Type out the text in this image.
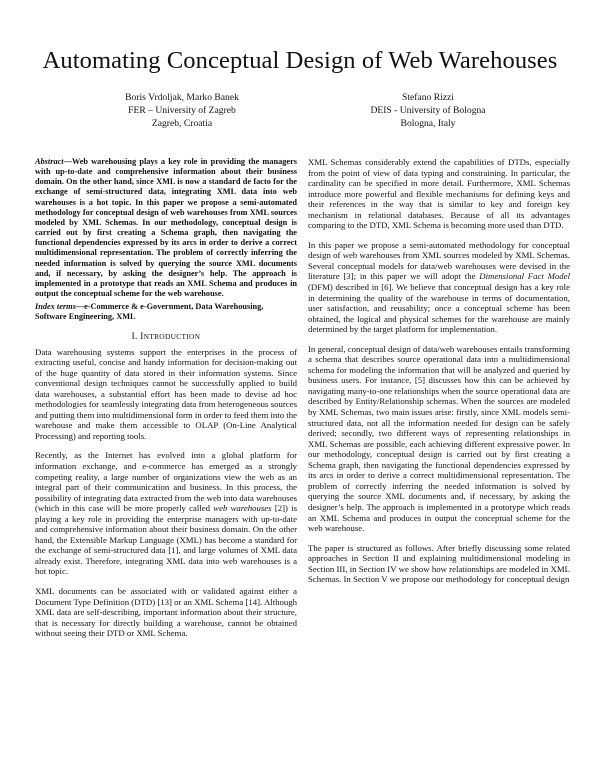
Automating Conceptual Design of Web Warehouses
Boris Vrdoljak, Marko Banek
FER – University of Zagreb
Zagreb, Croatia
Stefano Rizzi
DEIS - University of Bologna
Bologna, Italy

Abstract—Web warehousing plays a key role in providing the managers with up-to-date and comprehensive information about their business domain. On the other hand, since XML is now a standard de facto for the exchange of semi-structured data, integrating XML data into web warehouses is a hot topic. In this paper we propose a semi-automated methodology for conceptual design of web warehouses from XML sources modeled by XML Schemas. In our methodology, conceptual design is carried out by first creating a Schema graph, then navigating the functional dependencies expressed by its arcs in order to derive a correct multidimensional representation. The problem of correctly inferring the needed information is solved by querying the source XML documents and, if necessary, by asking the designer’s help. The approach is implemented in a prototype that reads an XML Schema and produces in output the conceptual scheme for the web warehouse.

Index terms—e-Commerce & e-Government, Data Warehousing, Software Engineering, XML

I. INTRODUCTION

Data warehousing systems support the enterprises in the process of extracting useful, concise and handy information for decision-making out of the huge quantity of data stored in their information systems. Since conventional design techniques cannot be successfully applied to build data warehouses, a substantial effort has been made to devise ad hoc methodologies for seamlessly integrating data from heterogeneous sources and putting them into multidimensional form in order to feed them into the warehouse and make them accessible to OLAP (On-Line Analytical Processing) and reporting tools.

Recently, as the Internet has evolved into a global platform for information exchange, and e-commerce has emerged as a strongly competing reality, a large number of organizations view the web as an integral part of their communication and business. In this process, the possibility of integrating data extracted from the web into data warehouses (which in this case will be more properly called web warehouses [2]) is playing a key role in providing the enterprise managers with up-to-date and comprehensive information about their business domain. On the other hand, the Extensible Markup Language (XML) has become a standard for the exchange of semi-structured data [1], and large volumes of XML data already exist. Therefore, integrating XML data into web warehouses is a hot topic.

XML documents can be associated with or validated against either a Document Type Definition (DTD) [13] or an XML Schema [14]. Although XML data are self-describing, important information about their structure, that is necessary for directly building a warehouse, cannot be obtained without seeing their DTD or XML Schema.

XML Schemas considerably extend the capabilities of DTDs, especially from the point of view of data typing and constraining. In particular, the cardinality can be specified in more detail. Furthermore, XML Schemas introduce more powerful and flexible mechanisms for defining keys and their references in the way that is similar to key and foreign key mechanism in relational databases. Because of all its advantages comparing to the DTD, XML Schema is becoming more used than DTD.

In this paper we propose a semi-automated methodology for conceptual design of web warehouses from XML sources modeled by XML Schemas. Several conceptual models for data/web warehouses were devised in the literature [3]; in this paper we will adopt the Dimensional Fact Model (DFM) described in [6]. We believe that conceptual design has a key role in determining the quality of the warehouse in terms of documentation, user satisfaction, and reusability; once a conceptual scheme has been obtained, the logical and physical schemes for the warehouse are mainly determined by the target platform for implementation.

In general, conceptual design of data/web warehouses entails transforming a schema that describes source operational data into a multidimensional schema for modeling the information that will be analyzed and queried by business users. For instance, [5] discusses how this can be achieved by navigating many-to-one relationships when the source operational data are described by Entity/Relationship schemas. When the sources are modeled by XML Schemas, two main issues arise: firstly, since XML models semi-structured data, not all the information needed for design can be safely derived; secondly, two different ways of representing relationships in XML Schemas are possible, each achieving different expressive power. In our methodology, conceptual design is carried out by first creating a Schema graph, then navigating the functional dependencies expressed by its arcs in order to derive a correct multidimensional representation. The problem of correctly inferring the needed information is solved by querying the source XML documents and, if necessary, by asking the designer’s help. The approach is implemented in a prototype which reads an XML Schema and produces in output the conceptual scheme for the web warehouse.

The paper is structured as follows. After briefly discussing some related approaches in Section II and explaining multidimensional modeling in Section III, in Section IV we show how relationships are modeled in XML Schemas. In Section V we propose our methodology for conceptual design
